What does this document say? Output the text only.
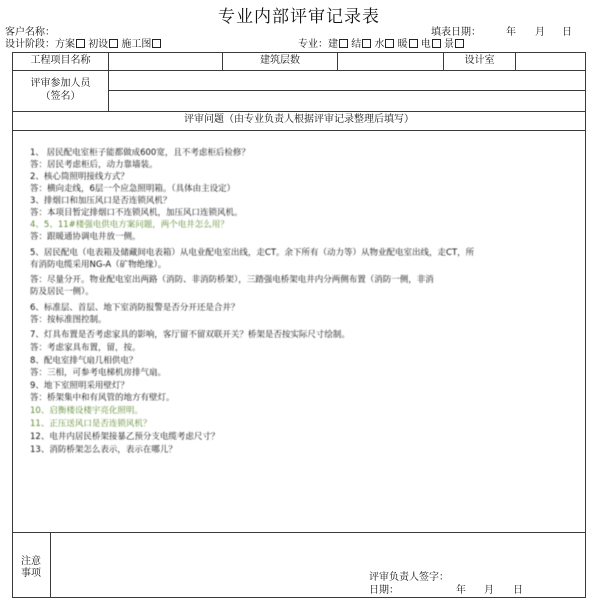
专业内部评审记录表
客户名称：	填表日期：	年 月 日
设计阶段：方案 初设 施工图	专业：建 结 水 暖 电 景
工程项目名称	建筑层数	设计室
评审参加人员
（签名）
评审问题（由专业负责人根据评审记录整理后填写）
1、 居民配电室柜子能都做成600宽，且不考虑柜后检修？
答：居民考虑柜后，动力靠墙装。
2、核心筒照明接线方式？
答：横向走线，6层一个应急照明箱。（具体由主设定）
3、排烟口和加压风口是否连锁风机？
答：本项目暂定排烟口不连锁风机，加压风口连锁风机。
4、5、11#楼强电供电方案问题，两个电井怎么用？
答：跟暖通协调电井放一侧。
5、居民配电（电表箱及储藏间电表箱）从电业配电室出线，走CT。余下所有（动力等）从物业配电室出线，走CT，所
有消防电缆采用NG-A（矿物绝缘）。
答：尽量分开。物业配电室出两路（消防、非消防桥架），三踏强电桥架电井内分两侧布置（消防一侧，非消
防及居民一侧）。
6、标准层、首层、地下室消防报警是否分开还是合并？
答：按标准图控制。
7、灯具布置是否考虑家具的影响，客厅留不留双联开关？桥架是否按实际尺寸绘制。
答：考虑家具布置，留，按。
8、配电室排气扇几相供电？
答：三相，可参考电梯机房排气扇。
9、地下室照明采用壁灯？
答：桥架集中和有风管的地方有壁灯。
10、启衡楼设楼宇亮化照明。
11、正压送风口是否连锁风机？
12、电井内居民桥架接暴乙预分支电缆考虑尺寸？
13、消防桥架怎么表示，表示在哪儿？
注意
事项	评审负责人签字：
日期：	年 月 日
